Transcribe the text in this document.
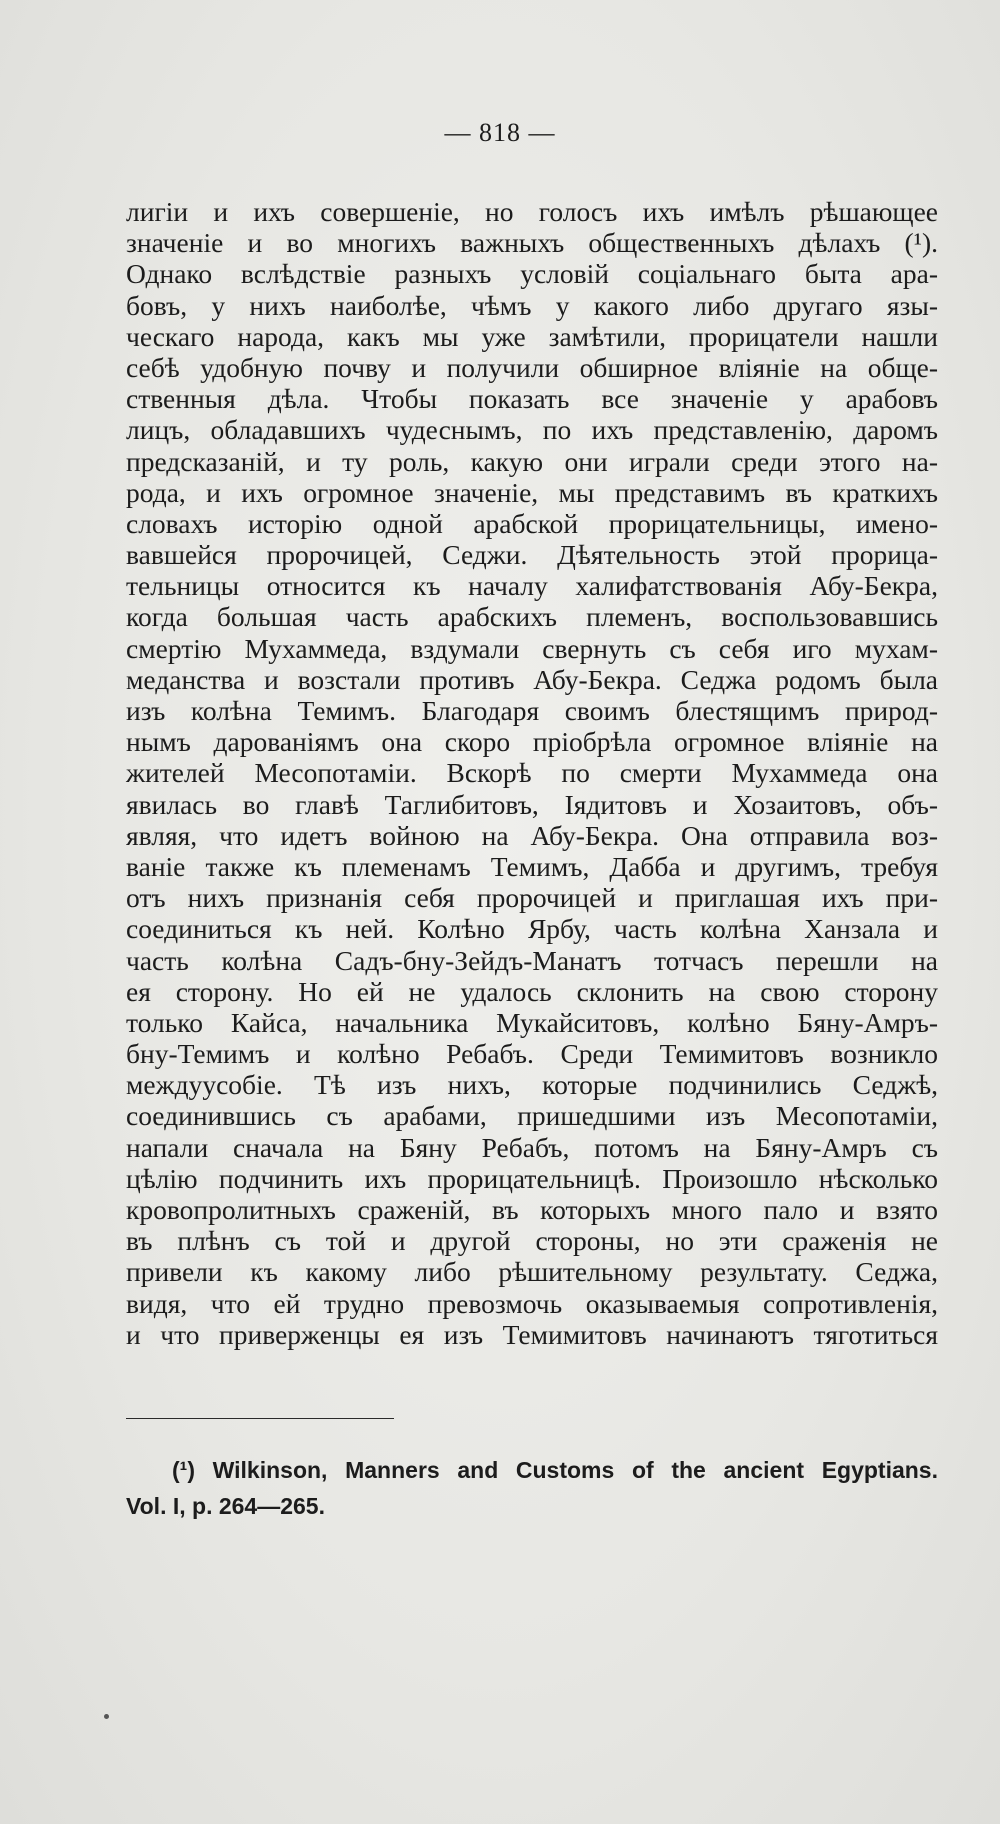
— 818 —
лигіи и ихъ совершеніе, но голосъ ихъ имѣлъ рѣшающее
значеніе и во многихъ важныхъ общественныхъ дѣлахъ (¹).
Однако вслѣдствіе разныхъ условій соціальнаго быта ара-
бовъ, у нихъ наиболѣе, чѣмъ у какого либо другаго язы-
ческаго народа, какъ мы уже замѣтили, прорицатели нашли
себѣ удобную почву и получили обширное вліяніе на обще-
ственныя дѣла. Чтобы показать все значеніе у арабовъ
лицъ, обладавшихъ чудеснымъ, по ихъ представленію, даромъ
предсказаній, и ту роль, какую они играли среди этого на-
рода, и ихъ огромное значеніе, мы представимъ въ краткихъ
словахъ исторію одной арабской прорицательницы, имено-
вавшейся пророчицей, Седжи. Дѣятельность этой прорица-
тельницы относится къ началу халифатствованія Абу-Бекра,
когда большая часть арабскихъ племенъ, воспользовавшись
смертію Мухаммеда, вздумали свернуть съ себя иго мухам-
меданства и возстали противъ Абу-Бекра. Седжа родомъ была
изъ колѣна Темимъ. Благодаря своимъ блестящимъ природ-
нымъ дарованіямъ она скоро пріобрѣла огромное вліяніе на
жителей Месопотаміи. Вскорѣ по смерти Мухаммеда она
явилась во главѣ Таглибитовъ, Іядитовъ и Хозаитовъ, объ-
являя, что идетъ войною на Абу-Бекра. Она отправила воз-
ваніе также къ племенамъ Темимъ, Дабба и другимъ, требуя
отъ нихъ признанія себя пророчицей и приглашая ихъ при-
соединиться къ ней. Колѣно Ярбу, часть колѣна Ханзала и
часть колѣна Садъ-бну-Зейдъ-Манатъ тотчасъ перешли на
ея сторону. Но ей не удалось склонить на свою сторону
только Кайса, начальника Мукайситовъ, колѣно Бяну-Амръ-
бну-Темимъ и колѣно Ребабъ. Среди Темимитовъ возникло
междуусобіе. Тѣ изъ нихъ, которые подчинились Седжѣ,
соединившись съ арабами, пришедшими изъ Месопотаміи,
напали сначала на Бяну Ребабъ, потомъ на Бяну-Амръ съ
цѣлію подчинить ихъ прорицательницѣ. Произошло нѣсколько
кровопролитныхъ сраженій, въ которыхъ много пало и взято
въ плѣнъ съ той и другой стороны, но эти сраженія не
привели къ какому либо рѣшительному результату. Седжа,
видя, что ей трудно превозмочь оказываемыя сопротивленія,
и что приверженцы ея изъ Темимитовъ начинаютъ тяготиться
(¹) Wilkinson, Manners and Customs of the ancient Egyptians.
Vol. I, p. 264—265.
